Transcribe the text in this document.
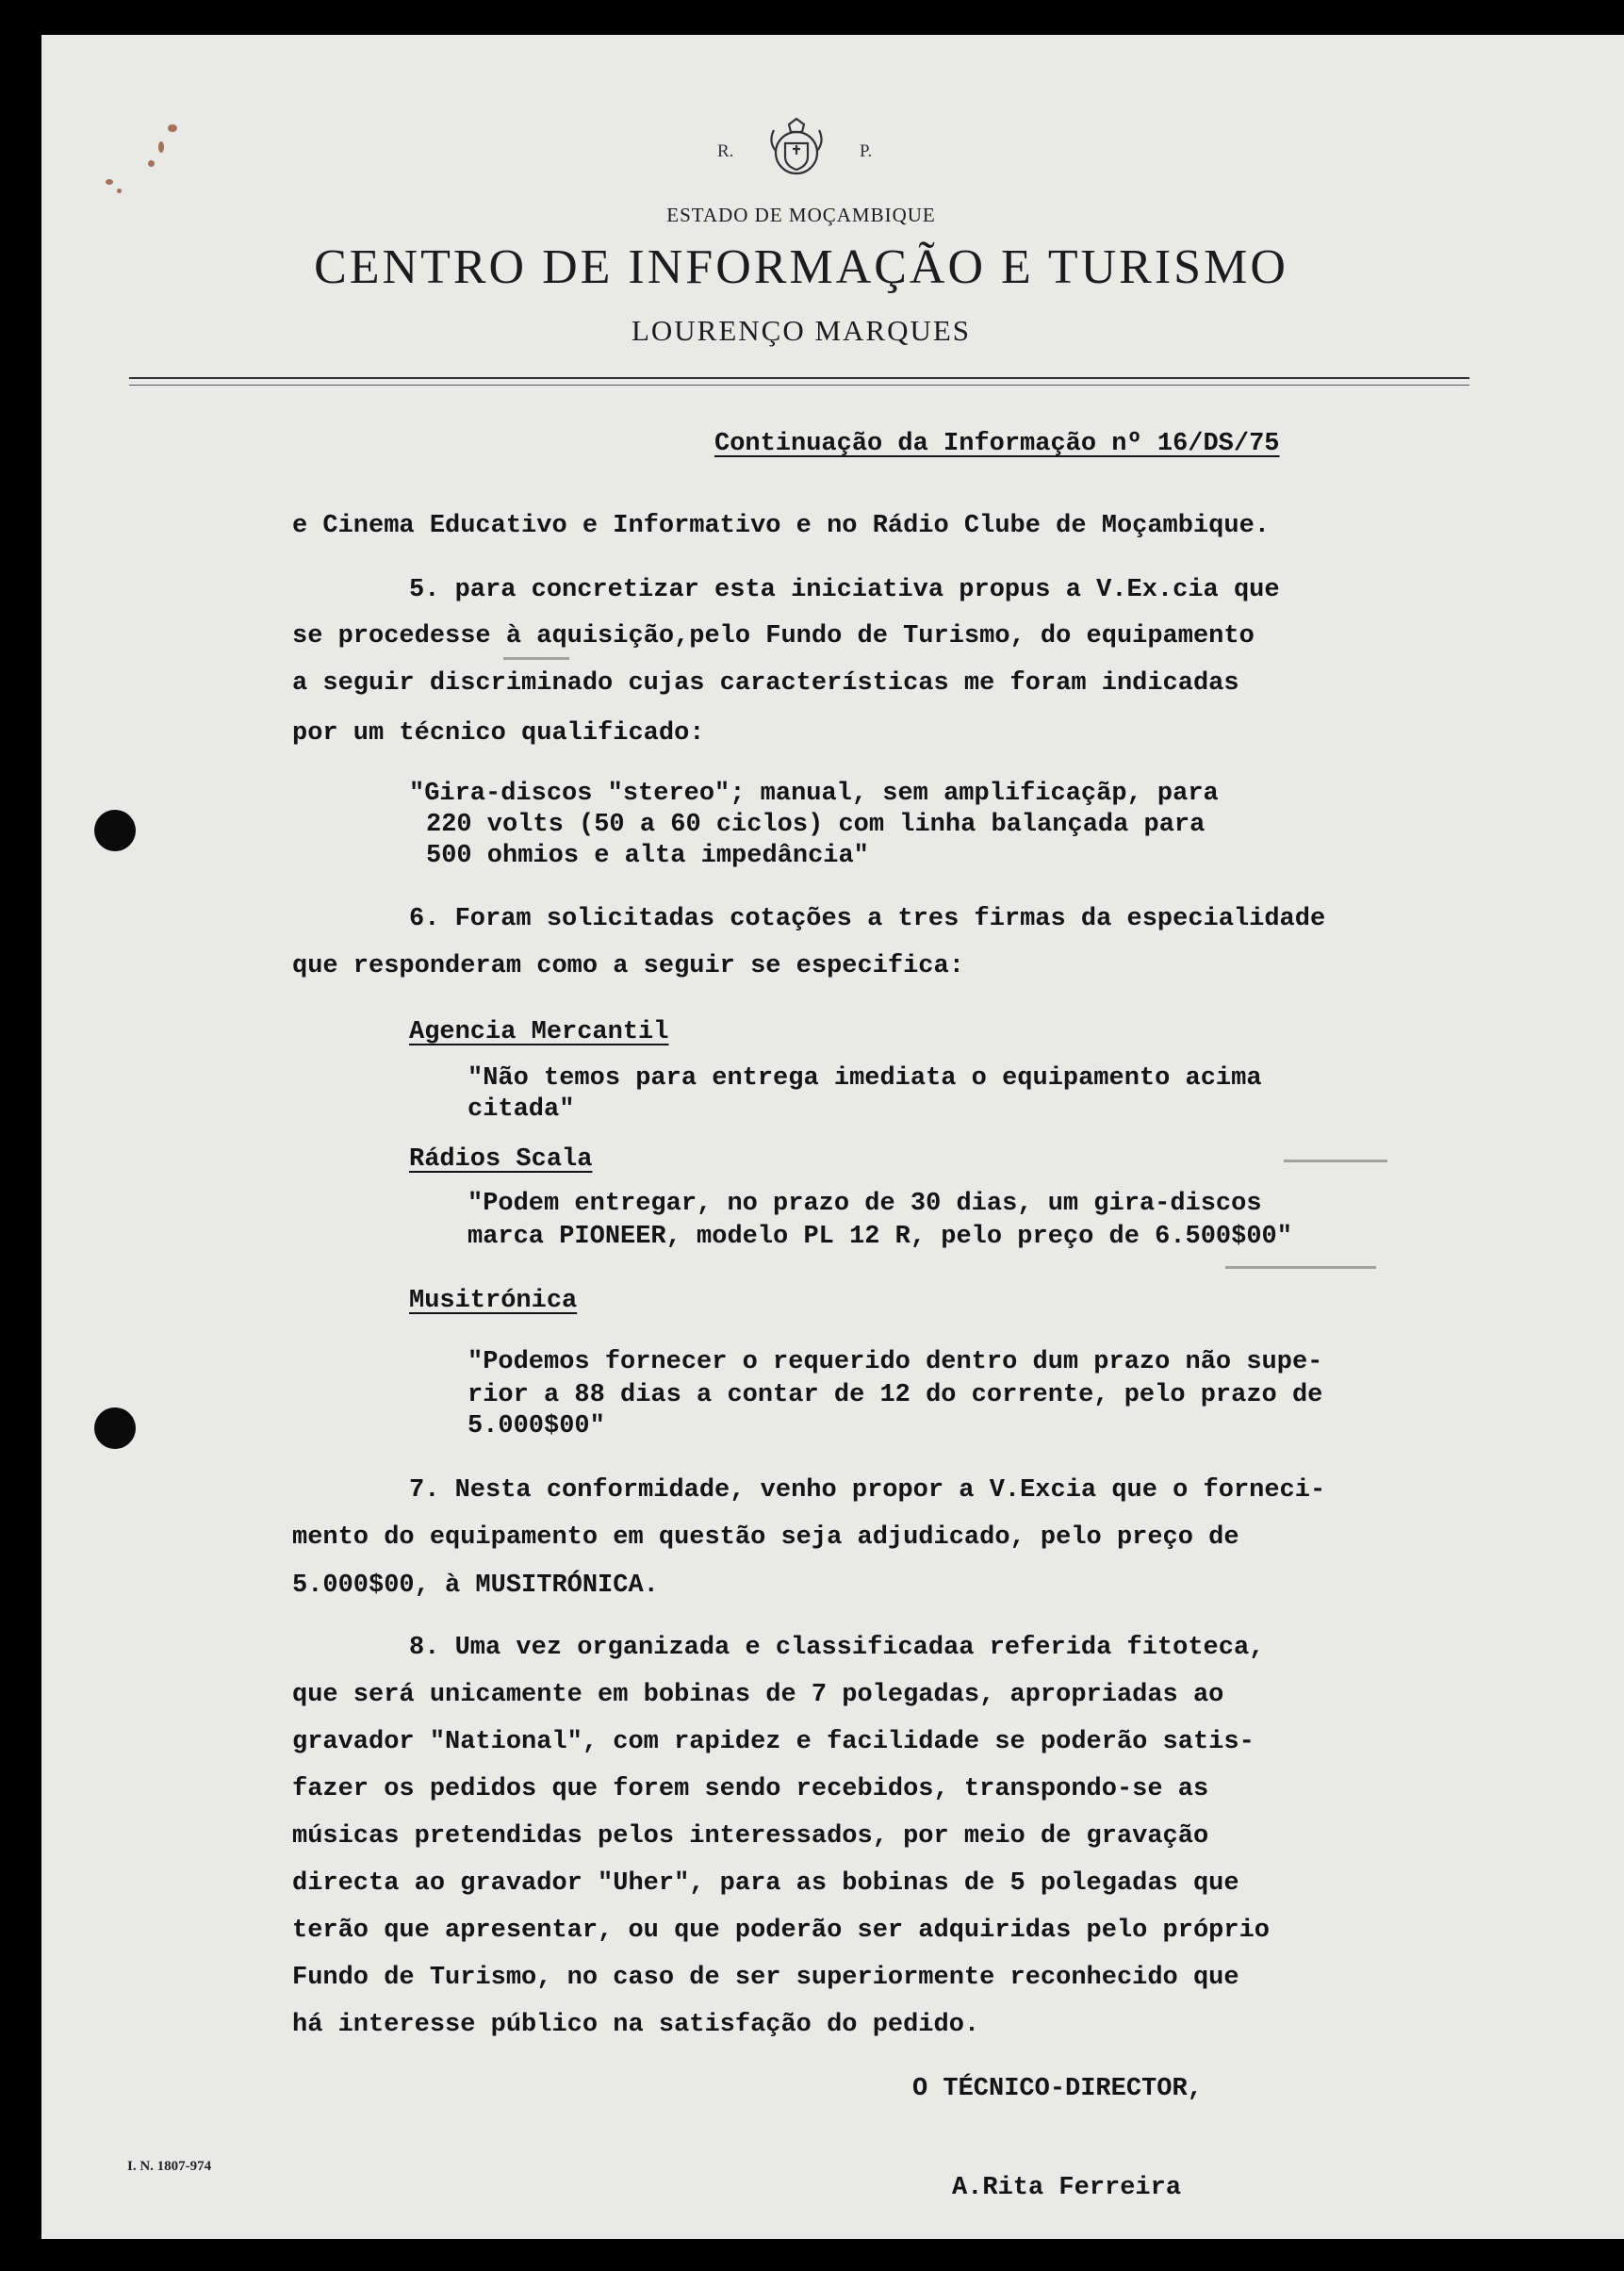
R.	P.
ESTADO DE MOÇAMBIQUE
CENTRO DE INFORMAÇÃO E TURISMO
LOURENÇO MARQUES
Continuação da Informação nº 16/DS/75
e Cinema Educativo e Informativo e no Rádio Clube de Moçambique.
5. para concretizar esta iniciativa propus a V.Ex.cia que
se procedesse à aquisição,pelo Fundo de Turismo, do equipamento
a seguir discriminado cujas características me foram indicadas
por um técnico qualificado:
"Gira-discos "stereo"; manual, sem amplificaçãp, para
220 volts (50 a 60 ciclos) com linha balançada para
500 ohmios e alta impedância"
6. Foram solicitadas cotações a tres firmas da especialidade
que responderam como a seguir se especifica:
Agencia Mercantil
"Não temos para entrega imediata o equipamento acima
citada"
Rádios Scala
"Podem entregar, no prazo de 30 dias, um gira-discos
marca PIONEER, modelo PL 12 R, pelo preço de 6.500$00"
Musitrónica
"Podemos fornecer o requerido dentro dum prazo não supe-
rior a 88 dias a contar de 12 do corrente, pelo prazo de
5.000$00"
7. Nesta conformidade, venho propor a V.Excia que o forneci-
mento do equipamento em questão seja adjudicado, pelo preço de
5.000$00, à MUSITRÓNICA.
8. Uma vez organizada e classificadaa referida fitoteca,
que será unicamente em bobinas de 7 polegadas, apropriadas ao
gravador "National", com rapidez e facilidade se poderão satis-
fazer os pedidos que forem sendo recebidos, transpondo-se as
músicas pretendidas pelos interessados, por meio de gravação
directa ao gravador "Uher", para as bobinas de 5 polegadas que
terão que apresentar, ou que poderão ser adquiridas pelo próprio
Fundo de Turismo, no caso de ser superiormente reconhecido que
há interesse público na satisfação do pedido.
O TÉCNICO-DIRECTOR,
A.Rita Ferreira
I. N. 1807-974
